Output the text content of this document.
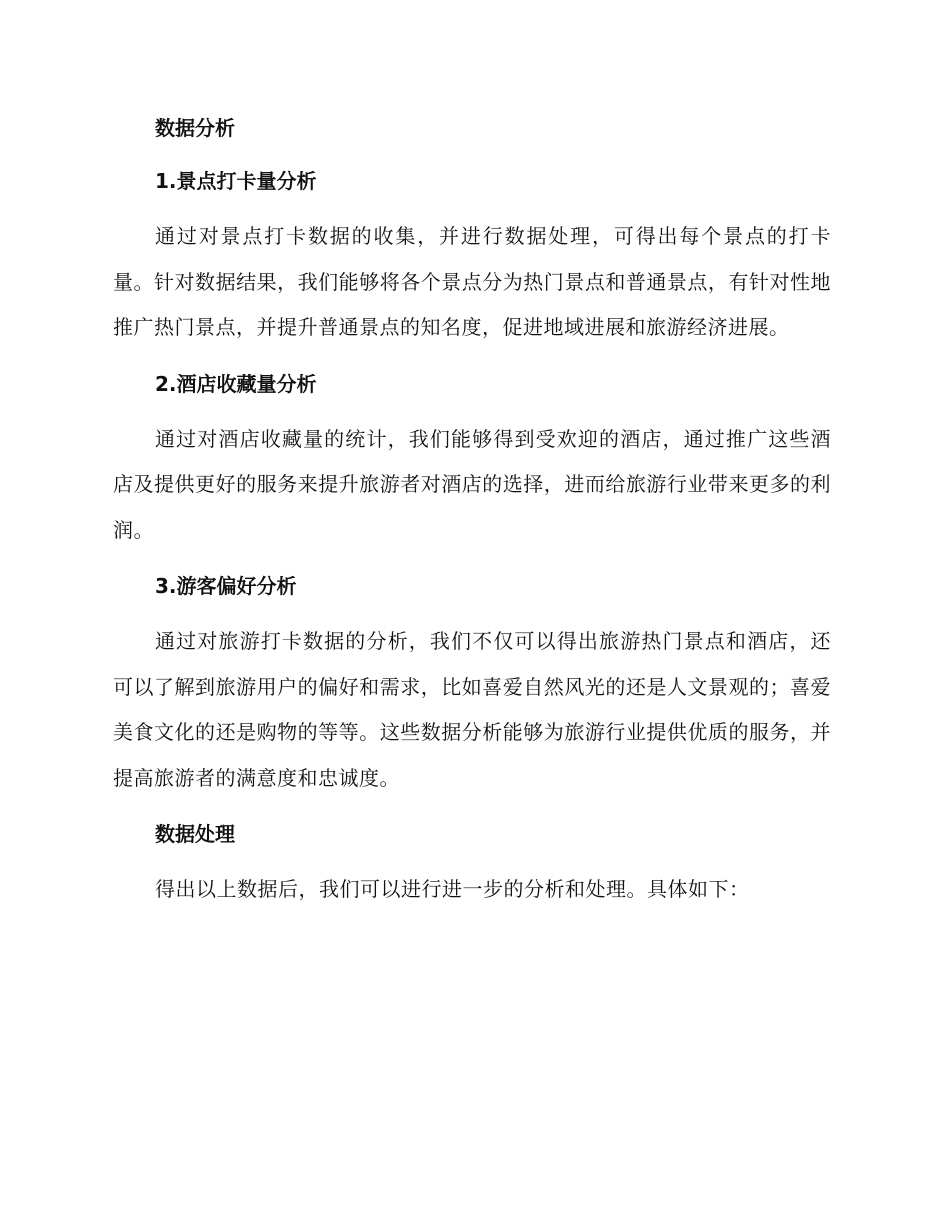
数据分析
1.景点打卡量分析

通过对景点打卡数据的收集，并进行数据处理，可得出每个景点的打卡量。针对数据结果，我们能够将各个景点分为热门景点和普通景点，有针对性地推广热门景点，并提升普通景点的知名度，促进地域进展和旅游经济进展。

2.酒店收藏量分析

通过对酒店收藏量的统计，我们能够得到受欢迎的酒店，通过推广这些酒店及提供更好的服务来提升旅游者对酒店的选择，进而给旅游行业带来更多的利润。

3.游客偏好分析

通过对旅游打卡数据的分析，我们不仅可以得出旅游热门景点和酒店，还可以了解到旅游用户的偏好和需求，比如喜爱自然风光的还是人文景观的；喜爱美食文化的还是购物的等等。这些数据分析能够为旅游行业提供优质的服务，并提高旅游者的满意度和忠诚度。

数据处理

得出以上数据后，我们可以进行进一步的分析和处理。具体如下：
